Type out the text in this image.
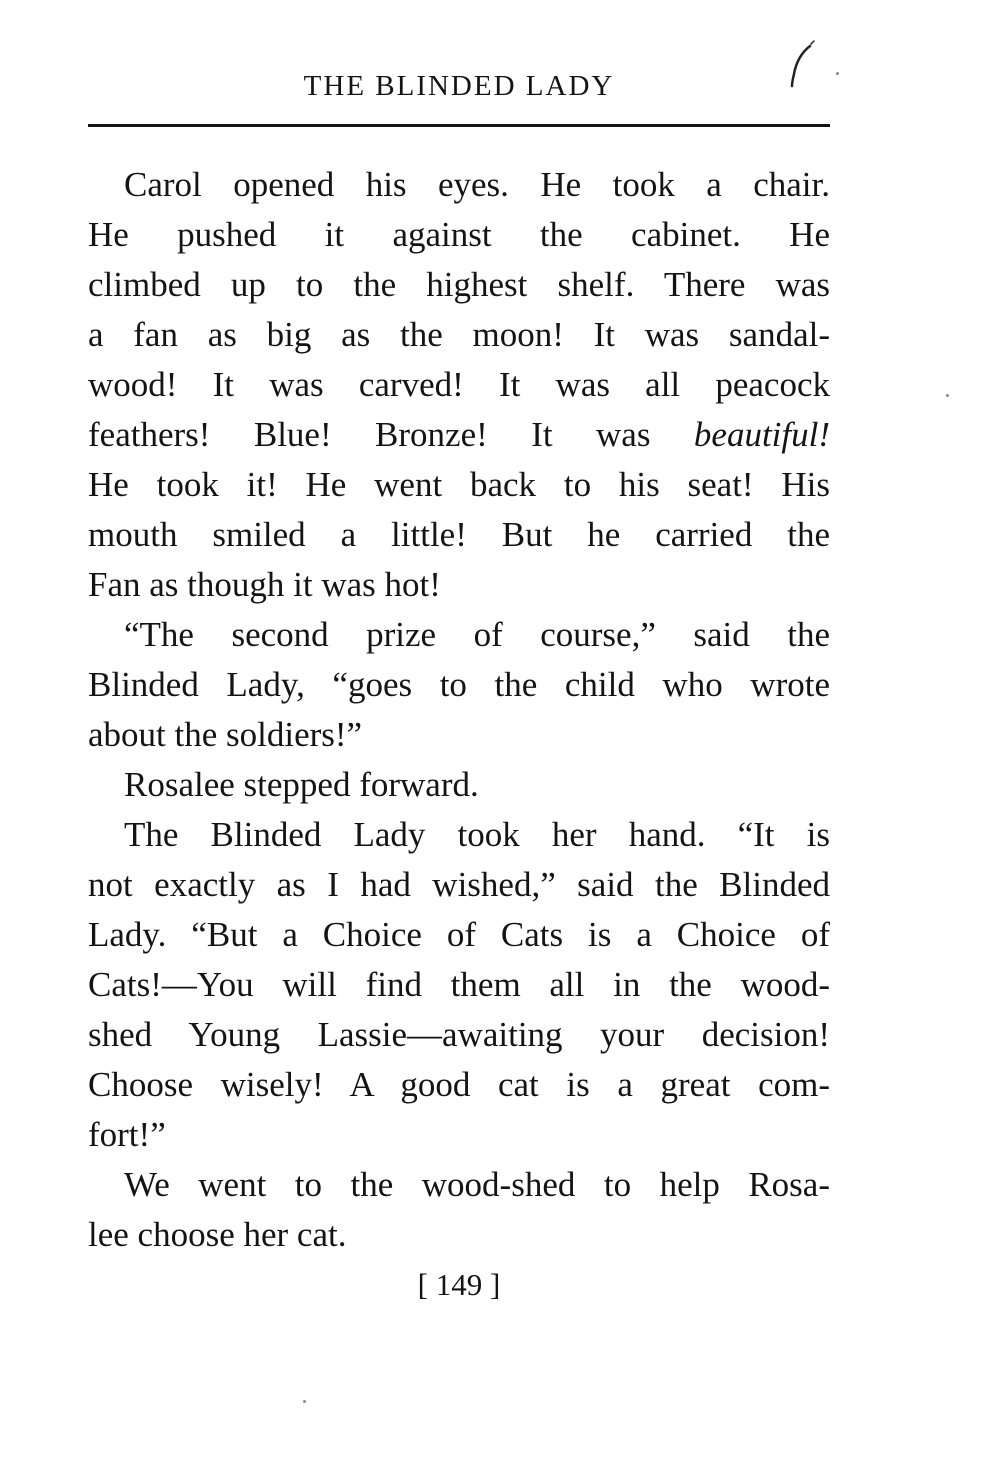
THE BLINDED LADY
Carol opened his eyes. He took a chair.
He pushed it against the cabinet. He
climbed up to the highest shelf. There was
a fan as big as the moon! It was sandal-
wood! It was carved! It was all peacock
feathers! Blue! Bronze! It was beautiful!
He took it! He went back to his seat! His
mouth smiled a little! But he carried the
Fan as though it was hot!
“The second prize of course,” said the
Blinded Lady, “goes to the child who wrote
about the soldiers!”
Rosalee stepped forward.
The Blinded Lady took her hand. “It is
not exactly as I had wished,” said the Blinded
Lady. “But a Choice of Cats is a Choice of
Cats!—You will find them all in the wood-
shed Young Lassie—awaiting your decision!
Choose wisely! A good cat is a great com-
fort!”
We went to the wood-shed to help Rosa-
lee choose her cat.
[ 149 ]
